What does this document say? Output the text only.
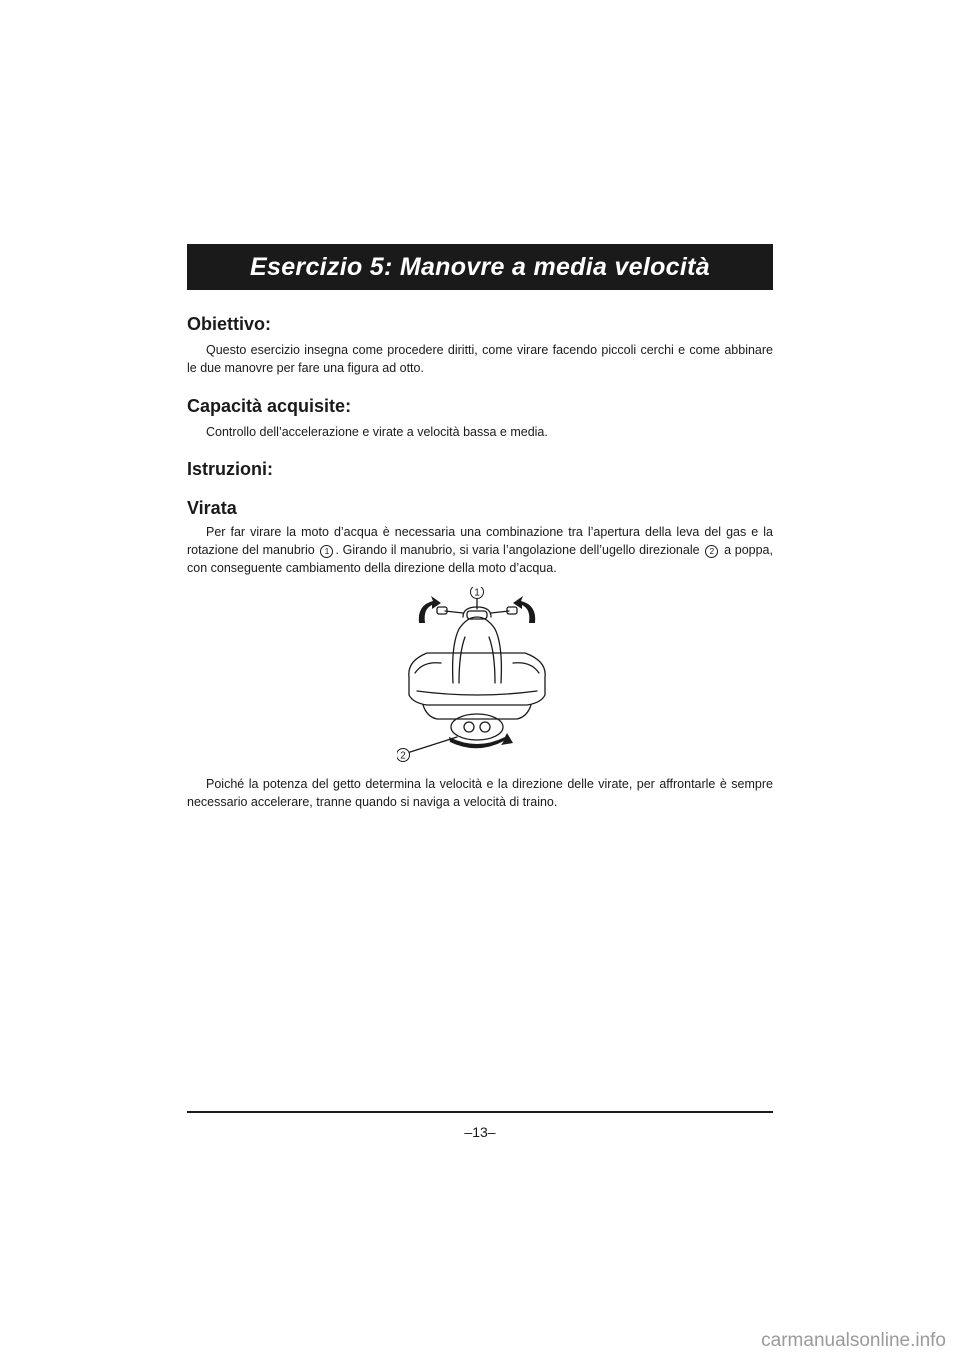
Esercizio 5: Manovre a media velocità
Obiettivo:

Questo esercizio insegna come procedere diritti, come virare facendo piccoli cerchi e come abbinare le due manovre per fare una figura ad otto.

Capacità acquisite:

Controllo dell’accelerazione e virate a velocità bassa e media.

Istruzioni:
Virata

Per far virare la moto d’acqua è necessaria una combinazione tra l’apertura della leva del gas e la rotazione del manubrio 1 . Girando il manubrio, si varia l’angolazione dell’ugello direzionale 2 a poppa, con conseguente cambiamento della direzione della moto d’acqua.

1
2

Poiché la potenza del getto determina la velocità e la direzione delle virate, per affrontarle è sempre necessario accelerare, tranne quando si naviga a velocità di traino.

–13–
carmanualsonline.info
